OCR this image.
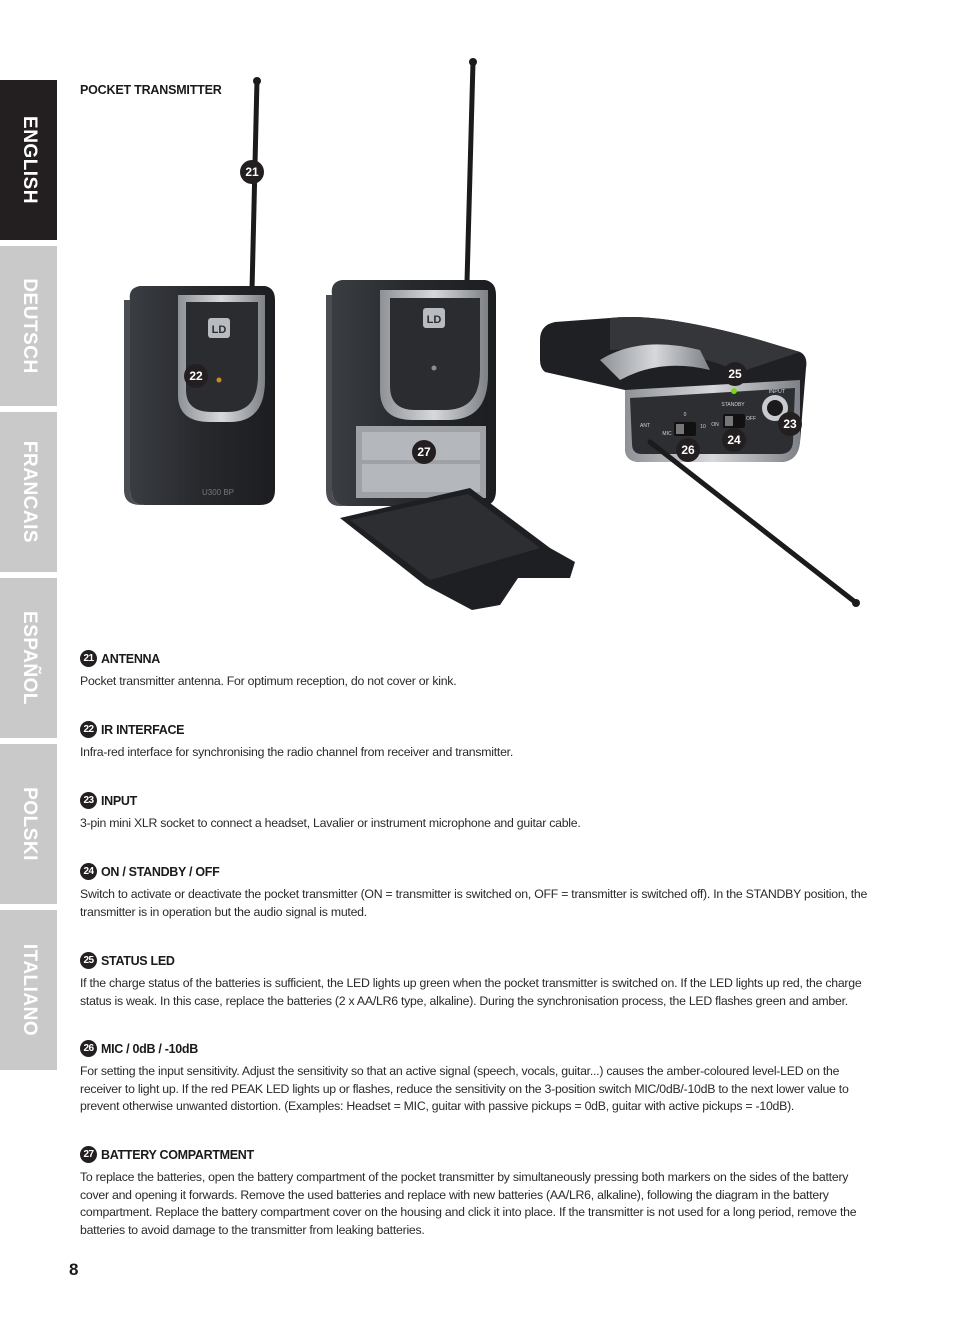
ENGLISH
DEUTSCH
FRANCAIS
ESPAÑOL
POLSKI
ITALIANO
POCKET TRANSMITTER
LD
U300 BP
LD
INPUT
STANDBY
ON
OFF
MIC
0
10
ANT
21
22
23
24
25
26
27
21 ANTENNA

Pocket transmitter antenna. For optimum reception, do not cover or kink.

22 IR INTERFACE

Infra-red interface for synchronising the radio channel from receiver and transmitter.

23 INPUT

3-pin mini XLR socket to connect a headset, Lavalier or instrument microphone and guitar cable.

24 ON / STANDBY / OFF

Switch to activate or deactivate the pocket transmitter (ON = transmitter is switched on, OFF = transmitter is switched off). In the STANDBY position, the transmitter is in operation but the audio signal is muted.

25 STATUS LED

If the charge status of the batteries is sufficient, the LED lights up green when the pocket transmitter is switched on. If the LED lights up red, the charge status is weak. In this case, replace the batteries (2 x AA/LR6 type, alkaline). During the synchronisation process, the LED flashes green and amber.

26 MIC / 0dB / -10dB

For setting the input sensitivity. Adjust the sensitivity so that an active signal (speech, vocals, guitar...) causes the amber-coloured level-LED on the receiver to light up. If the red PEAK LED lights up or flashes, reduce the sensitivity on the 3-position switch MIC/0dB/-10dB to the next lower value to prevent otherwise unwanted distortion. (Examples: Headset = MIC, guitar with passive pickups = 0dB, guitar with active pickups = -10dB).

27 BATTERY COMPARTMENT

To replace the batteries, open the battery compartment of the pocket transmitter by simultaneously pressing both markers on the sides of the battery cover and opening it forwards. Remove the used batteries and replace with new batteries (AA/LR6, alkaline), following the diagram in the battery compartment. Replace the battery compartment cover on the housing and click it into place. If the transmitter is not used for a long period, remove the batteries to avoid damage to the transmitter from leaking batteries.

8
